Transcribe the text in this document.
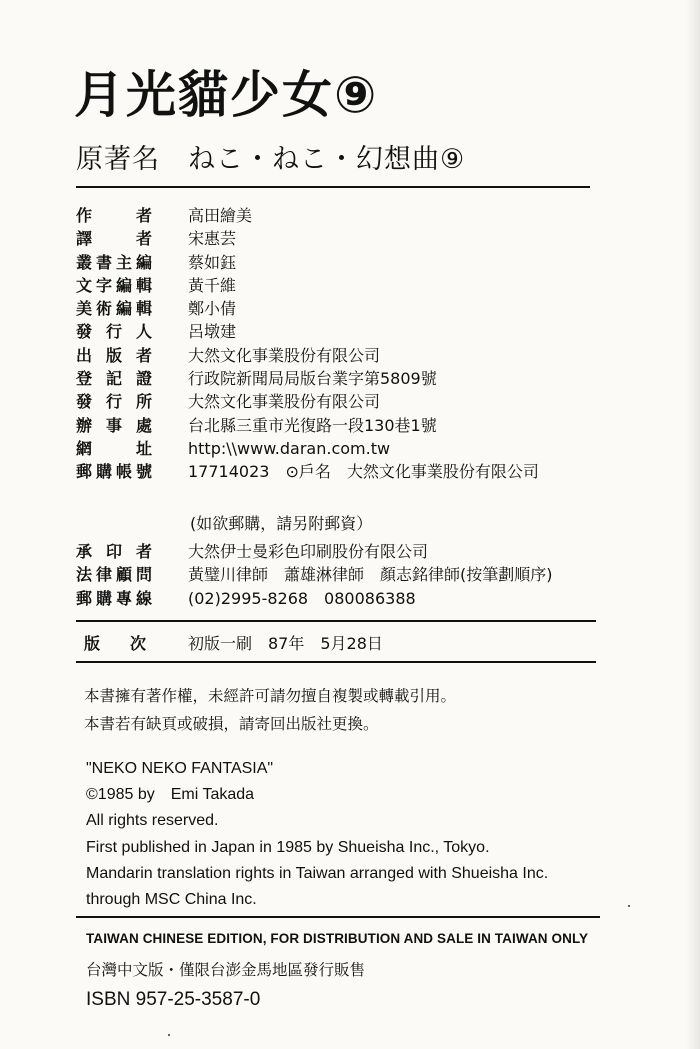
月光貓少女⑨
原著名　ねこ・ねこ・幻想曲⑨
作	者 高田繪美
譯	者 宋惠芸
叢 書 主 編 蔡如鈺
文 字 編 輯 黃千維
美 術 編 輯 鄭小倩
發 行 人 呂墩建
出 版 者 大然文化事業股份有限公司
登 記 證 行政院新聞局局版台業字第5809號
發 行 所 大然文化事業股份有限公司
辦 事 處 台北縣三重市光復路一段130巷1號
網	址 http:\\www.daran.com.tw
郵 購 帳 號 17714023　⊙戶名　大然文化事業股份有限公司
(如欲郵購，請另附郵資）
承 印 者 大然伊士曼彩色印刷股份有限公司
法 律 顧 問 黃璧川律師　蕭雄淋律師　顏志銘律師(按筆劃順序)
郵 購 專 線 (02)2995-8268　080086388
版 次	初版一刷　87年　5月28日
本書擁有著作權，未經許可請勿擅自複製或轉載引用。
本書若有缺頁或破損，請寄回出版社更換。
"NEKO NEKO FANTASIA"
©1985 by　Emi Takada
All rights reserved.
First published in Japan in 1985 by Shueisha Inc., Tokyo.
Mandarin translation rights in Taiwan arranged with Shueisha Inc.
through MSC China Inc.
TAIWAN CHINESE EDITION, FOR DISTRIBUTION AND SALE IN TAIWAN ONLY
台灣中文版・僅限台澎金馬地區發行販售
ISBN 957-25-3587-0
